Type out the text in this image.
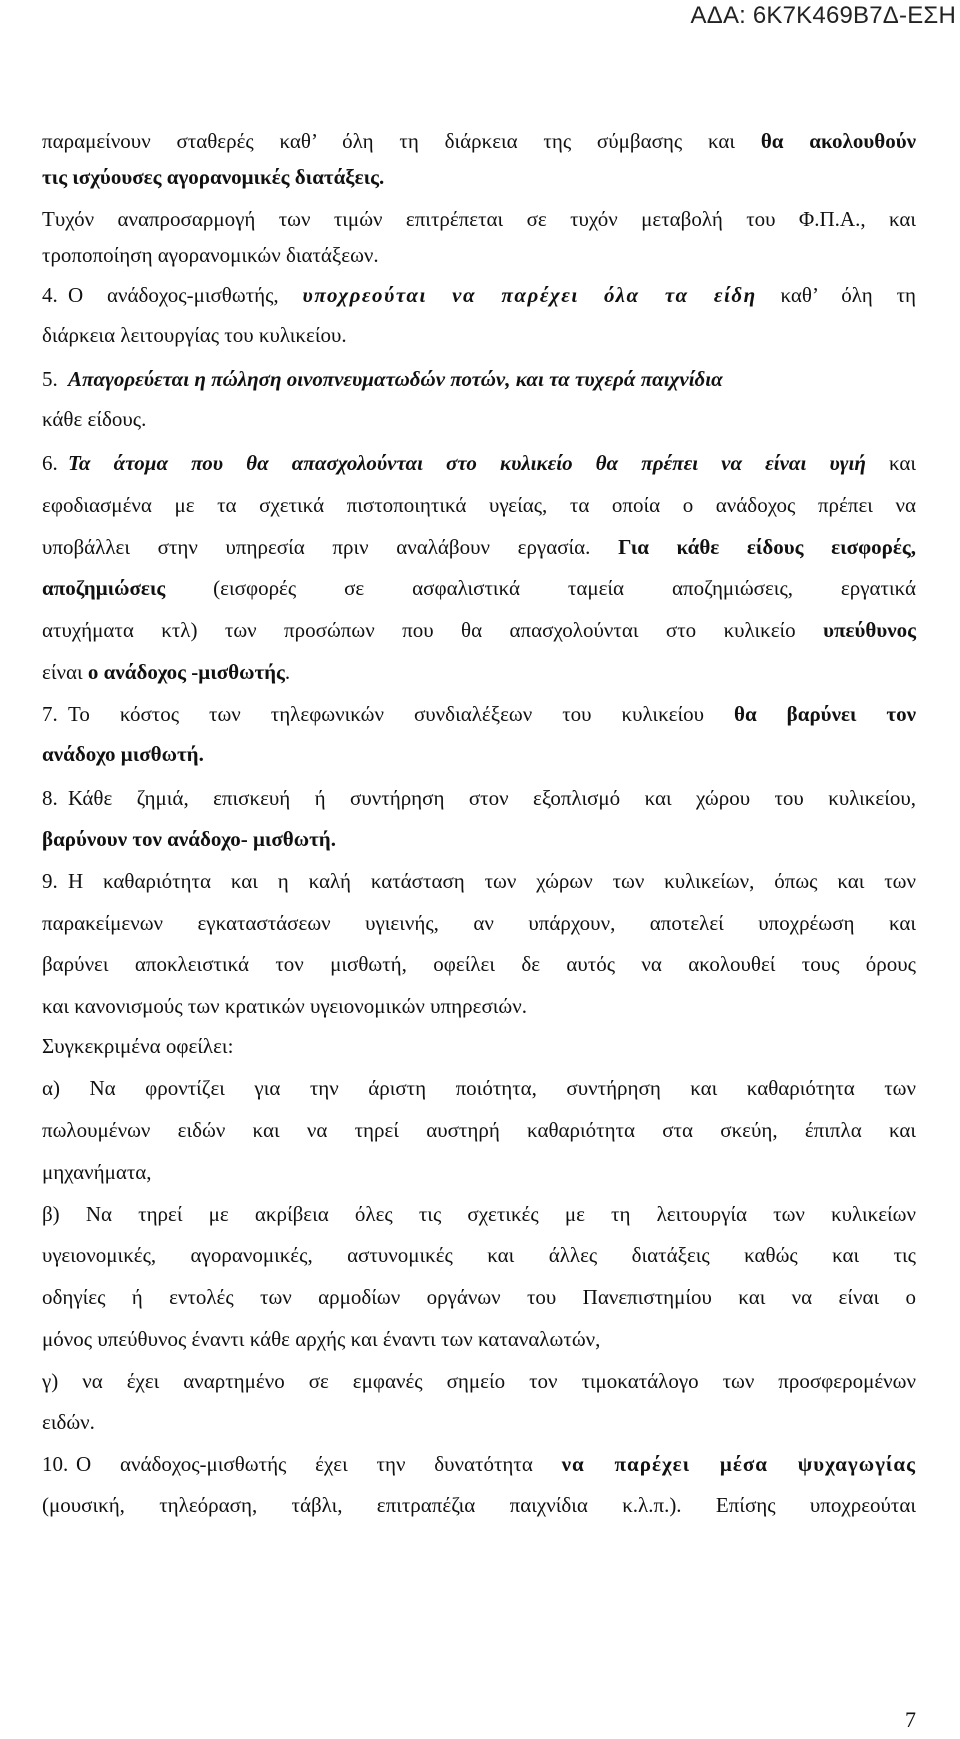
ΑΔΑ: 6Κ7Κ469Β7Δ-ΕΣΗ
παραμείνουν σταθερές καθ’ όλη τη διάρκεια της σύμβασης και θα ακολουθούν
τις ισχύουσες αγορανομικές διατάξεις.
Τυχόν αναπροσαρμογή των τιμών επιτρέπεται σε τυχόν μεταβολή του Φ.Π.Α., και
τροποποίηση αγορανομικών διατάξεων.
4. Ο ανάδοχος-μισθωτής, υποχρεούται να παρέχει όλα τα είδη καθ’ όλη τη
διάρκεια λειτουργίας του κυλικείου.
5. Απαγορεύεται η πώληση οινοπνευματωδών ποτών, και τα τυχερά παιχνίδια
κάθε είδους.
6. Τα άτομα που θα απασχολούνται στο κυλικείο θα πρέπει να είναι υγιή και
εφοδιασμένα με τα σχετικά πιστοποιητικά υγείας, τα οποία ο ανάδοχος πρέπει να
υποβάλλει στην υπηρεσία πριν αναλάβουν εργασία. Για κάθε είδους εισφορές,
αποζημιώσεις (εισφορές σε ασφαλιστικά ταμεία αποζημιώσεις, εργατικά
ατυχήματα κτλ) των προσώπων που θα απασχολούνται στο κυλικείο υπεύθυνος
είναι ο ανάδοχος -μισθωτής.
7. Το κόστος των τηλεφωνικών συνδιαλέξεων του κυλικείου θα βαρύνει τον
ανάδοχο μισθωτή.
8. Κάθε ζημιά, επισκευή ή συντήρηση στον εξοπλισμό και χώρου του κυλικείου,
βαρύνουν τον ανάδοχο- μισθωτή.
9. Η καθαριότητα και η καλή κατάσταση των χώρων των κυλικείων, όπως και των
παρακείμενων εγκαταστάσεων υγιεινής, αν υπάρχουν, αποτελεί υποχρέωση και
βαρύνει αποκλειστικά τον μισθωτή, οφείλει δε αυτός να ακολουθεί τους όρους
και κανονισμούς των κρατικών υγειονομικών υπηρεσιών.
Συγκεκριμένα οφείλει:
α) Να φροντίζει για την άριστη ποιότητα, συντήρηση και καθαριότητα των
πωλουμένων ειδών και να τηρεί αυστηρή καθαριότητα στα σκεύη, έπιπλα και
μηχανήματα,
β) Να τηρεί με ακρίβεια όλες τις σχετικές με τη λειτουργία των κυλικείων
υγειονομικές, αγορανομικές, αστυνομικές και άλλες διατάξεις καθώς και τις
οδηγίες ή εντολές των αρμοδίων οργάνων του Πανεπιστημίου και να είναι ο
μόνος υπεύθυνος έναντι κάθε αρχής και έναντι των καταναλωτών,
γ) να έχει αναρτημένο σε εμφανές σημείο τον τιμοκατάλογο των προσφερομένων
ειδών.
10. Ο ανάδοχος-μισθωτής έχει την δυνατότητα να παρέχει μέσα ψυχαγωγίας
(μουσική, τηλεόραση, τάβλι, επιτραπέζια παιχνίδια κ.λ.π.). Επίσης υποχρεούται
7
